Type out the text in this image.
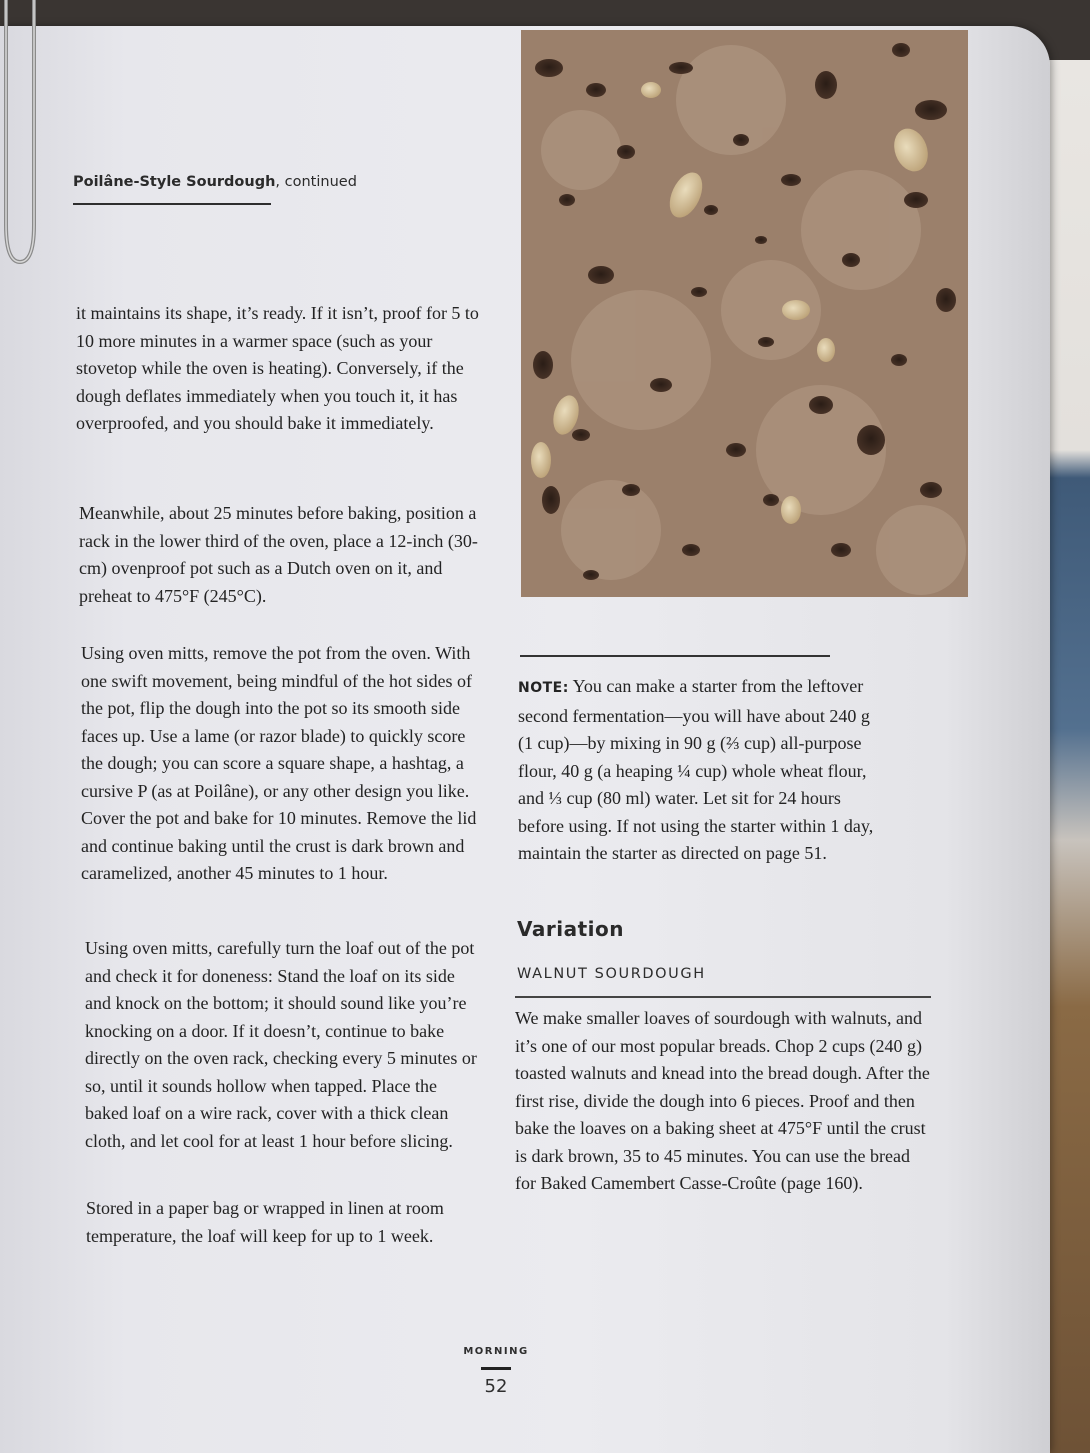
Poilâne-Style Sourdough, continued

it maintains its shape, it’s ready. If it isn’t, proof for 5 to 10 more minutes in a warmer space (such as your stovetop while the oven is heating). Conversely, if the dough deflates immediately when you touch it, it has overproofed, and you should bake it immediately.

Meanwhile, about 25 minutes before baking, position a rack in the lower third of the oven, place a 12-inch (30-cm) ovenproof pot such as a Dutch oven on it, and preheat to 475°F (245°C).

Using oven mitts, remove the pot from the oven. With one swift movement, being mindful of the hot sides of the pot, flip the dough into the pot so its smooth side faces up. Use a lame (or razor blade) to quickly score the dough; you can score a square shape, a hashtag, a cursive P (as at Poilâne), or any other design you like. Cover the pot and bake for 10 minutes. Remove the lid and continue baking until the crust is dark brown and caramelized, another 45 minutes to 1 hour.

Using oven mitts, carefully turn the loaf out of the pot and check it for doneness: Stand the loaf on its side and knock on the bottom; it should sound like you’re knocking on a door. If it doesn’t, continue to bake directly on the oven rack, checking every 5 minutes or so, until it sounds hollow when tapped. Place the baked loaf on a wire rack, cover with a thick clean cloth, and let cool for at least 1 hour before slicing.

Stored in a paper bag or wrapped in linen at room temperature, the loaf will keep for up to 1 week.

NOTE: You can make a starter from the leftover second fermentation—you will have about 240 g (1 cup)—by mixing in 90 g (⅔ cup) all-purpose flour, 40 g (a heaping ¼ cup) whole wheat flour, and ⅓ cup (80 ml) water. Let sit for 24 hours before using. If not using the starter within 1 day, maintain the starter as directed on page 51.

Variation
WALNUT SOURDOUGH

We make smaller loaves of sourdough with walnuts, and it’s one of our most popular breads. Chop 2 cups (240 g) toasted walnuts and knead into the bread dough. After the first rise, divide the dough into 6 pieces. Proof and then bake the loaves on a baking sheet at 475°F until the crust is dark brown, 35 to 45 minutes. You can use the bread for Baked Camembert Casse-Croûte (page 160).

MORNING
52
